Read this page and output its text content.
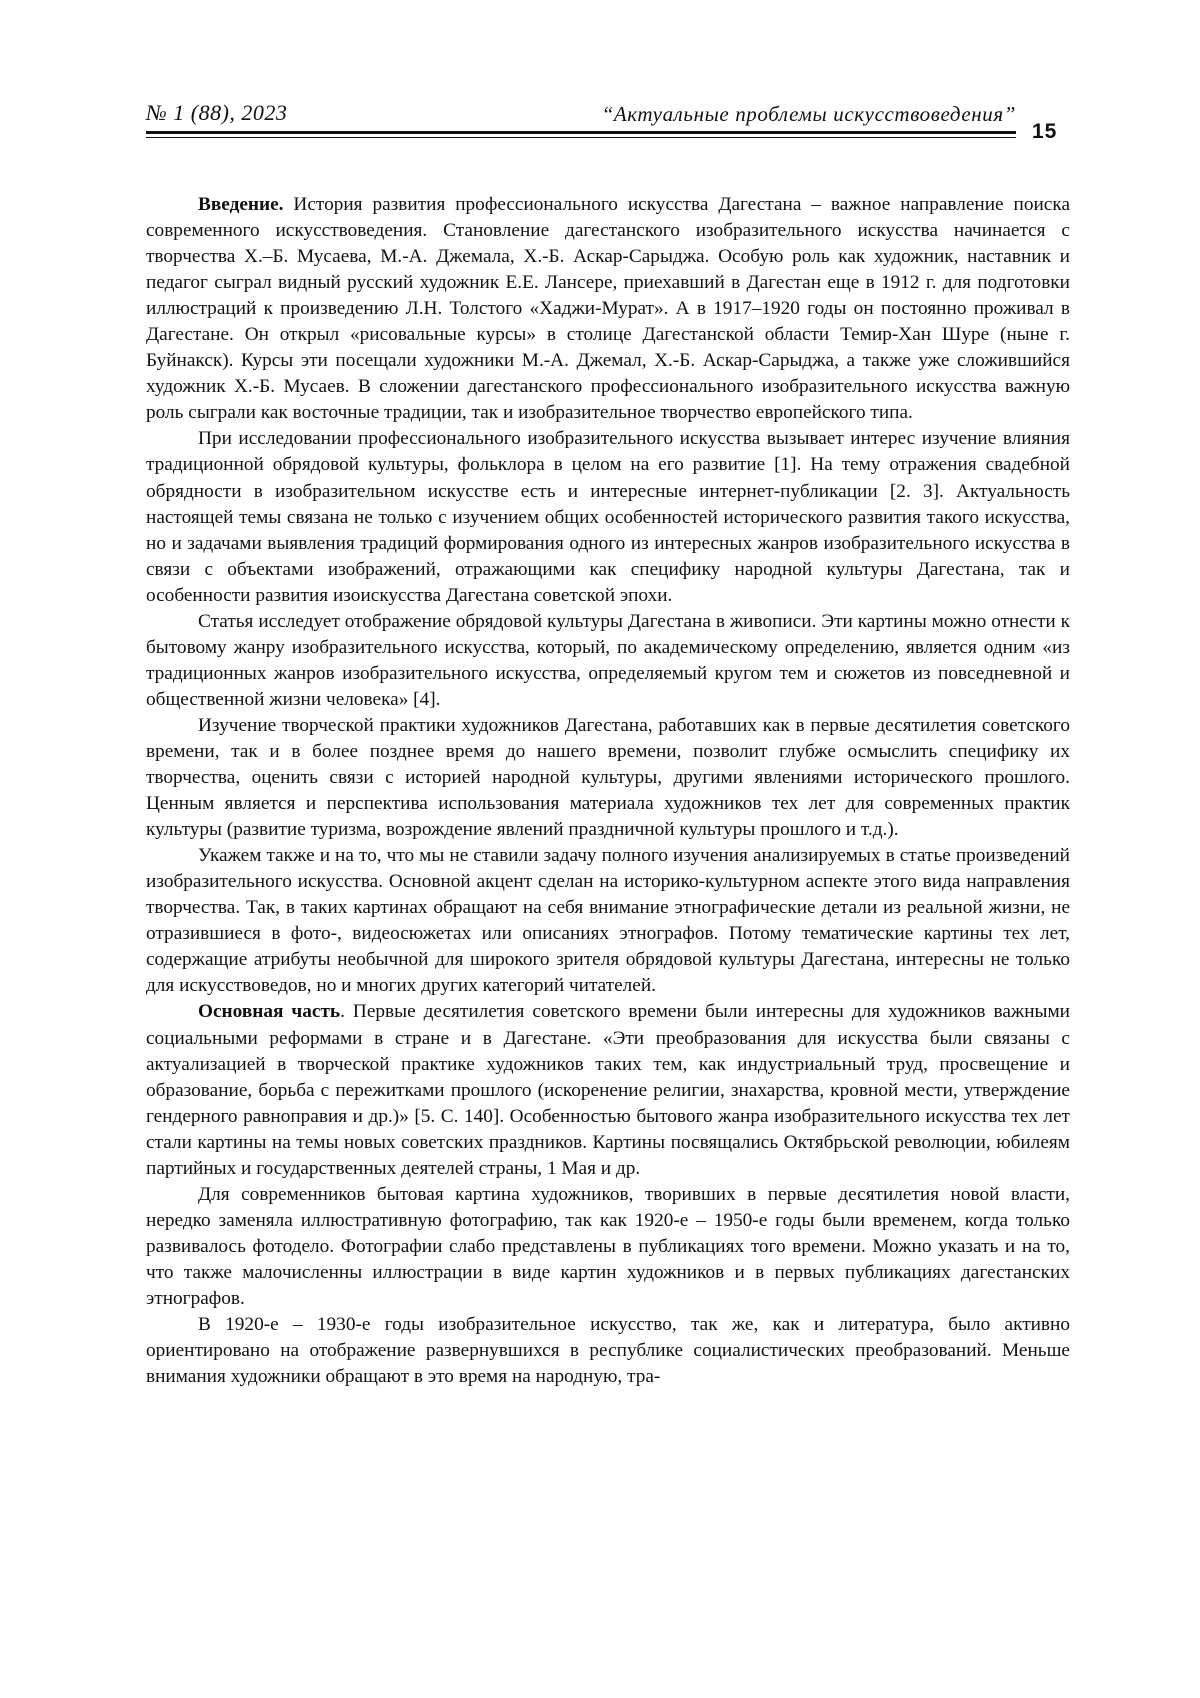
№ 1 (88), 2023	“Актуальные проблемы искусствоведения”
15

Введение. История развития профессионального искусства Дагестана – важное направление поиска современного искусствоведения. Становление дагестанского изобразительного искусства начинается с творчества Х.–Б. Мусаева, М.-А. Джемала, Х.-Б. Аскар-Сарыджа. Особую роль как художник, наставник и педагог сыграл видный русский художник Е.Е. Лансере, приехавший в Дагестан еще в 1912 г. для подготовки иллюстраций к произведению Л.Н. Толстого «Хаджи-Мурат». А в 1917–1920 годы он постоянно проживал в Дагестане. Он открыл «рисовальные курсы» в столице Дагестанской области Темир-Хан Шуре (ныне г. Буйнакск). Курсы эти посещали художники М.-А. Джемал, Х.-Б. Аскар-Сарыджа, а также уже сложившийся художник Х.-Б. Мусаев. В сложении дагестанского профессионального изобразительного искусства важную роль сыграли как восточные традиции, так и изобразительное творчество европейского типа.

При исследовании профессионального изобразительного искусства вызывает интерес изучение влияния традиционной обрядовой культуры, фольклора в целом на его развитие [1]. На тему отражения свадебной обрядности в изобразительном искусстве есть и интересные интернет-публикации [2. 3]. Актуальность настоящей темы связана не только с изучением общих особенностей исторического развития такого искусства, но и задачами выявления традиций формирования одного из интересных жанров изобразительного искусства в связи с объектами изображений, отражающими как специфику народной культуры Дагестана, так и особенности развития изоискусства Дагестана советской эпохи.

Статья исследует отображение обрядовой культуры Дагестана в живописи. Эти картины можно отнести к бытовому жанру изобразительного искусства, который, по академическому определению, является одним «из традиционных жанров изобразительного искусства, определяемый кругом тем и сюжетов из повседневной и общественной жизни человека» [4].

Изучение творческой практики художников Дагестана, работавших как в первые десятилетия советского времени, так и в более позднее время до нашего времени, позволит глубже осмыслить специфику их творчества, оценить связи с историей народной культуры, другими явлениями исторического прошлого. Ценным является и перспектива использования материала художников тех лет для современных практик культуры (развитие туризма, возрождение явлений праздничной культуры прошлого и т.д.).

Укажем также и на то, что мы не ставили задачу полного изучения анализируемых в статье произведений изобразительного искусства. Основной акцент сделан на историко-культурном аспекте этого вида направления творчества. Так, в таких картинах обращают на себя внимание этнографические детали из реальной жизни, не отразившиеся в фото-, видеосюжетах или описаниях этнографов. Потому тематические картины тех лет, содержащие атрибуты необычной для широкого зрителя обрядовой культуры Дагестана, интересны не только для искусствоведов, но и многих других категорий читателей.

Основная часть. Первые десятилетия советского времени были интересны для художников важными социальными реформами в стране и в Дагестане. «Эти преобразования для искусства были связаны с актуализацией в творческой практике художников таких тем, как индустриальный труд, просвещение и образование, борьба с пережитками прошлого (искоренение религии, знахарства, кровной мести, утверждение гендерного равноправия и др.)» [5. С. 140]. Особенностью бытового жанра изобразительного искусства тех лет стали картины на темы новых советских праздников. Картины посвящались Октябрьской революции, юбилеям партийных и государственных деятелей страны, 1 Мая и др.

Для современников бытовая картина художников, творивших в первые десятилетия новой власти, нередко заменяла иллюстративную фотографию, так как 1920-е – 1950-е годы были временем, когда только развивалось фотодело. Фотографии слабо представлены в публикациях того времени. Можно указать и на то, что также малочисленны иллюстрации в виде картин художников и в первых публикациях дагестанских этнографов.

В 1920-е – 1930-е годы изобразительное искусство, так же, как и литература, было активно ориентировано на отображение развернувшихся в республике социалистических преобразований. Меньше внимания художники обращают в это время на народную, тра-
